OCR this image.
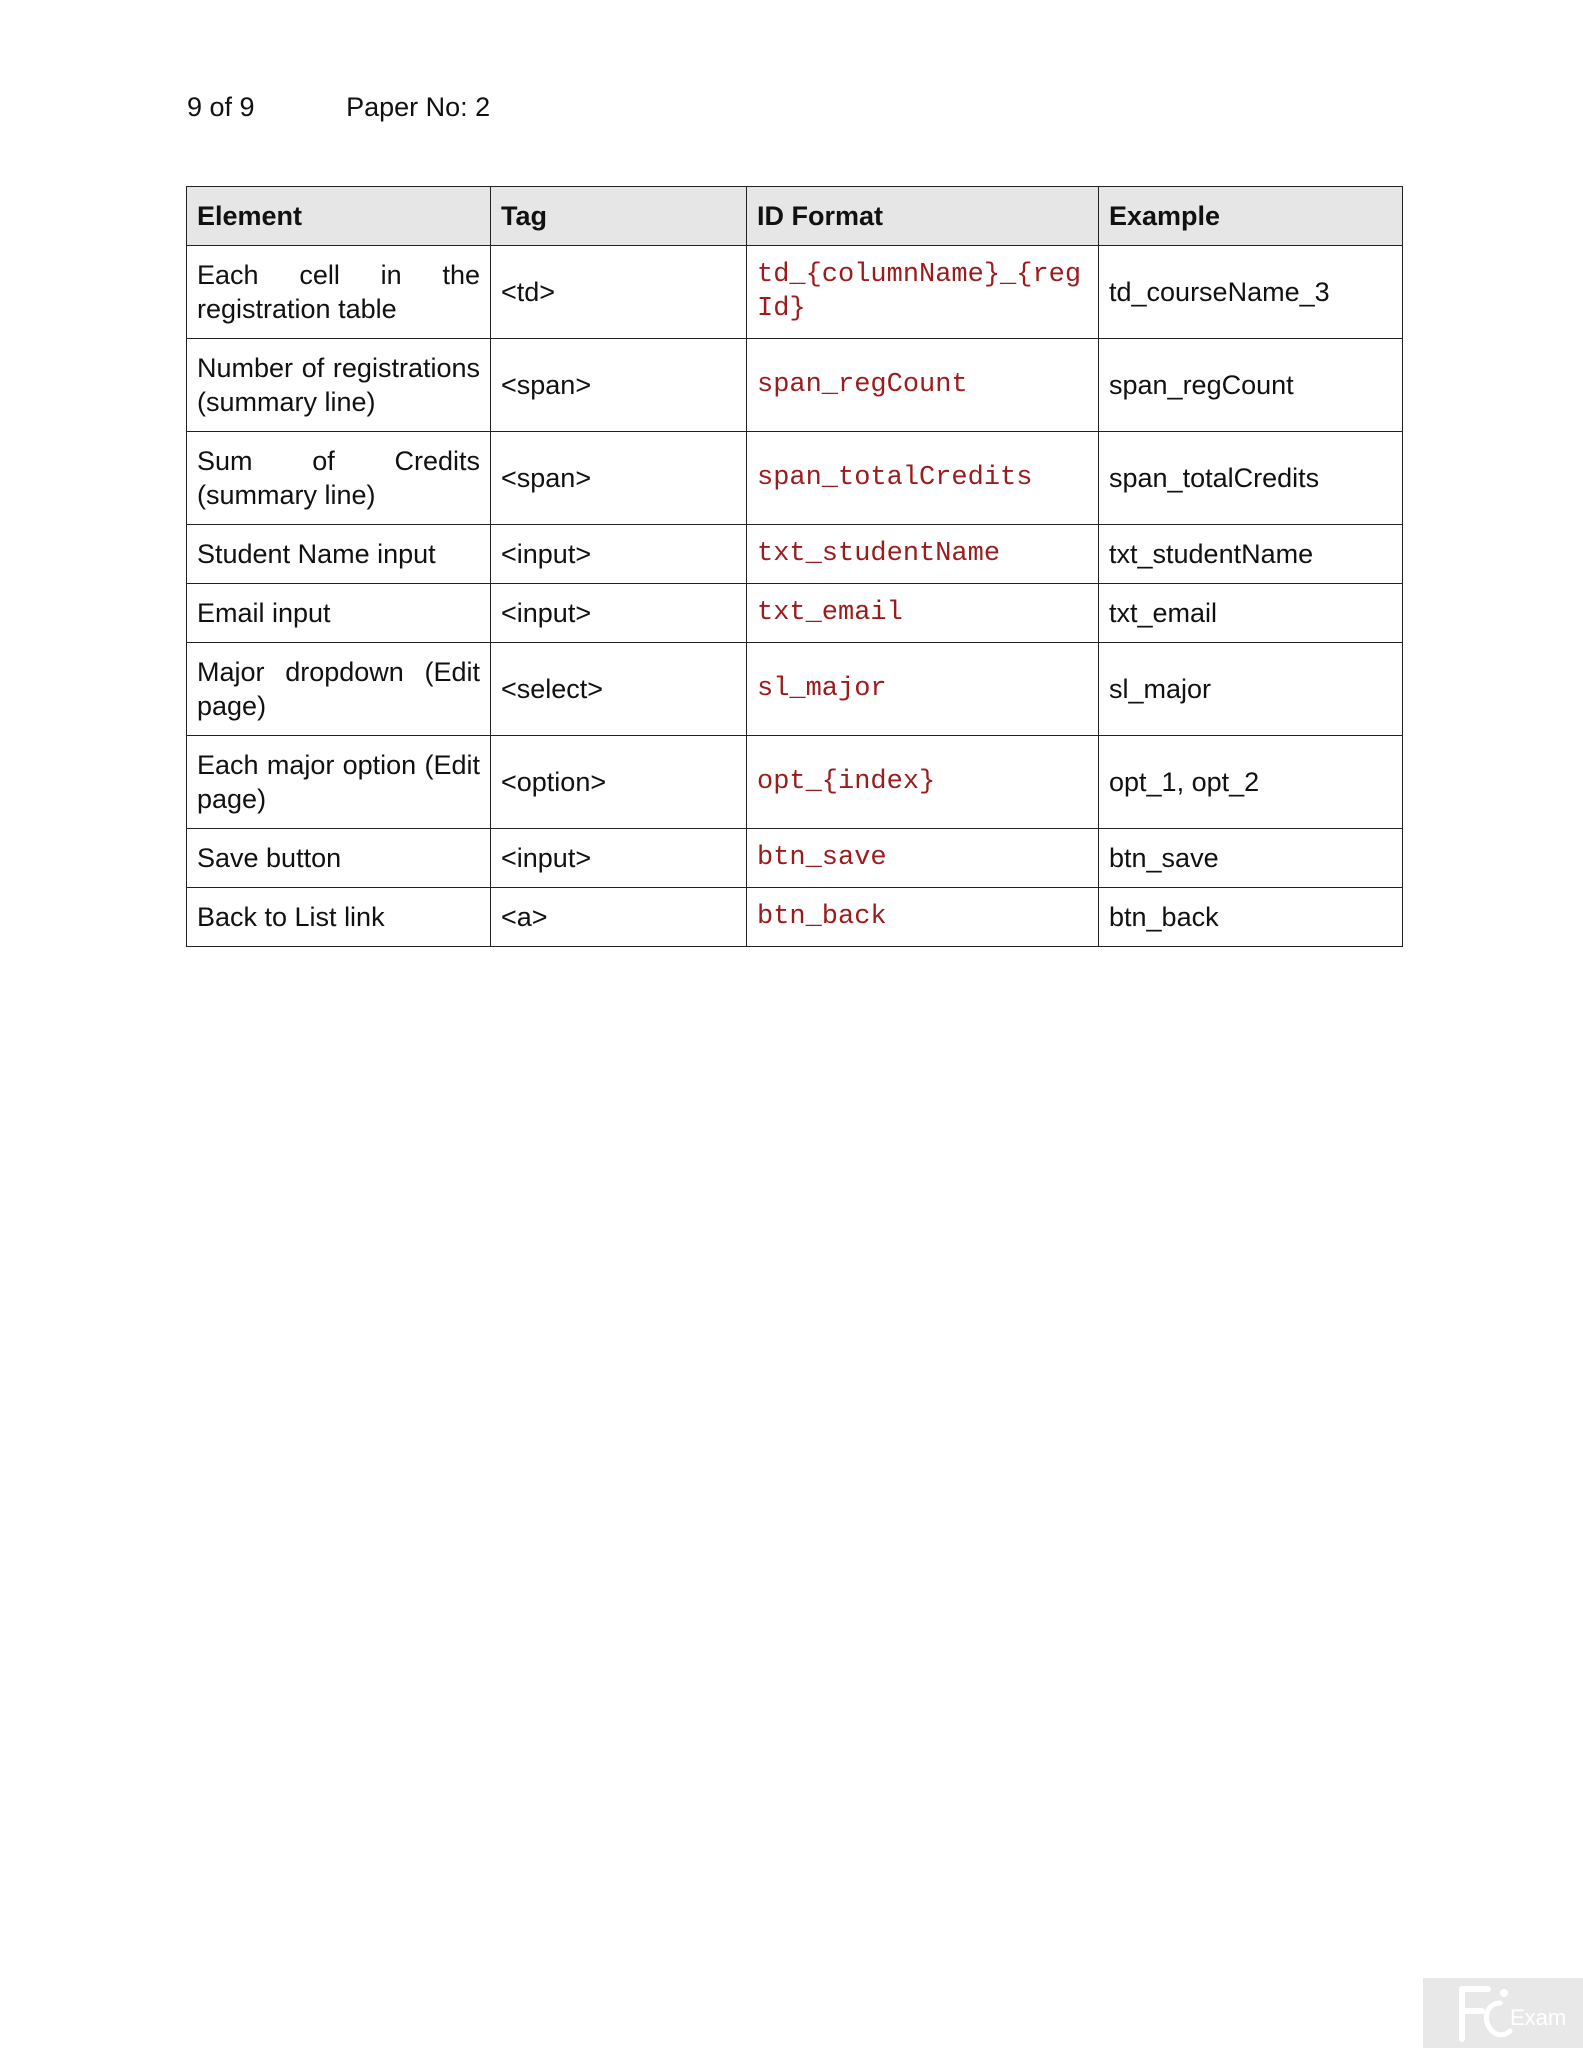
9 of 9	Paper No: 2
Element	Tag	ID Format	Example
Each cell in the registration table	<td>	td_{columnName}_{regId}	td_courseName_3
Number of registrations (summary line)	<span>	span_regCount	span_regCount
Sum of Credits (summary line)	<span>	span_totalCredits	span_totalCredits
Student Name input	<input>	txt_studentName	txt_studentName
Email input	<input>	txt_email	txt_email
Major dropdown (Edit page)	<select>	sl_major	sl_major
Each major option (Edit page)	<option>	opt_{index}	opt_1, opt_2
Save button	<input>	btn_save	btn_save
Back to List link	<a>	btn_back	btn_back
Exam
